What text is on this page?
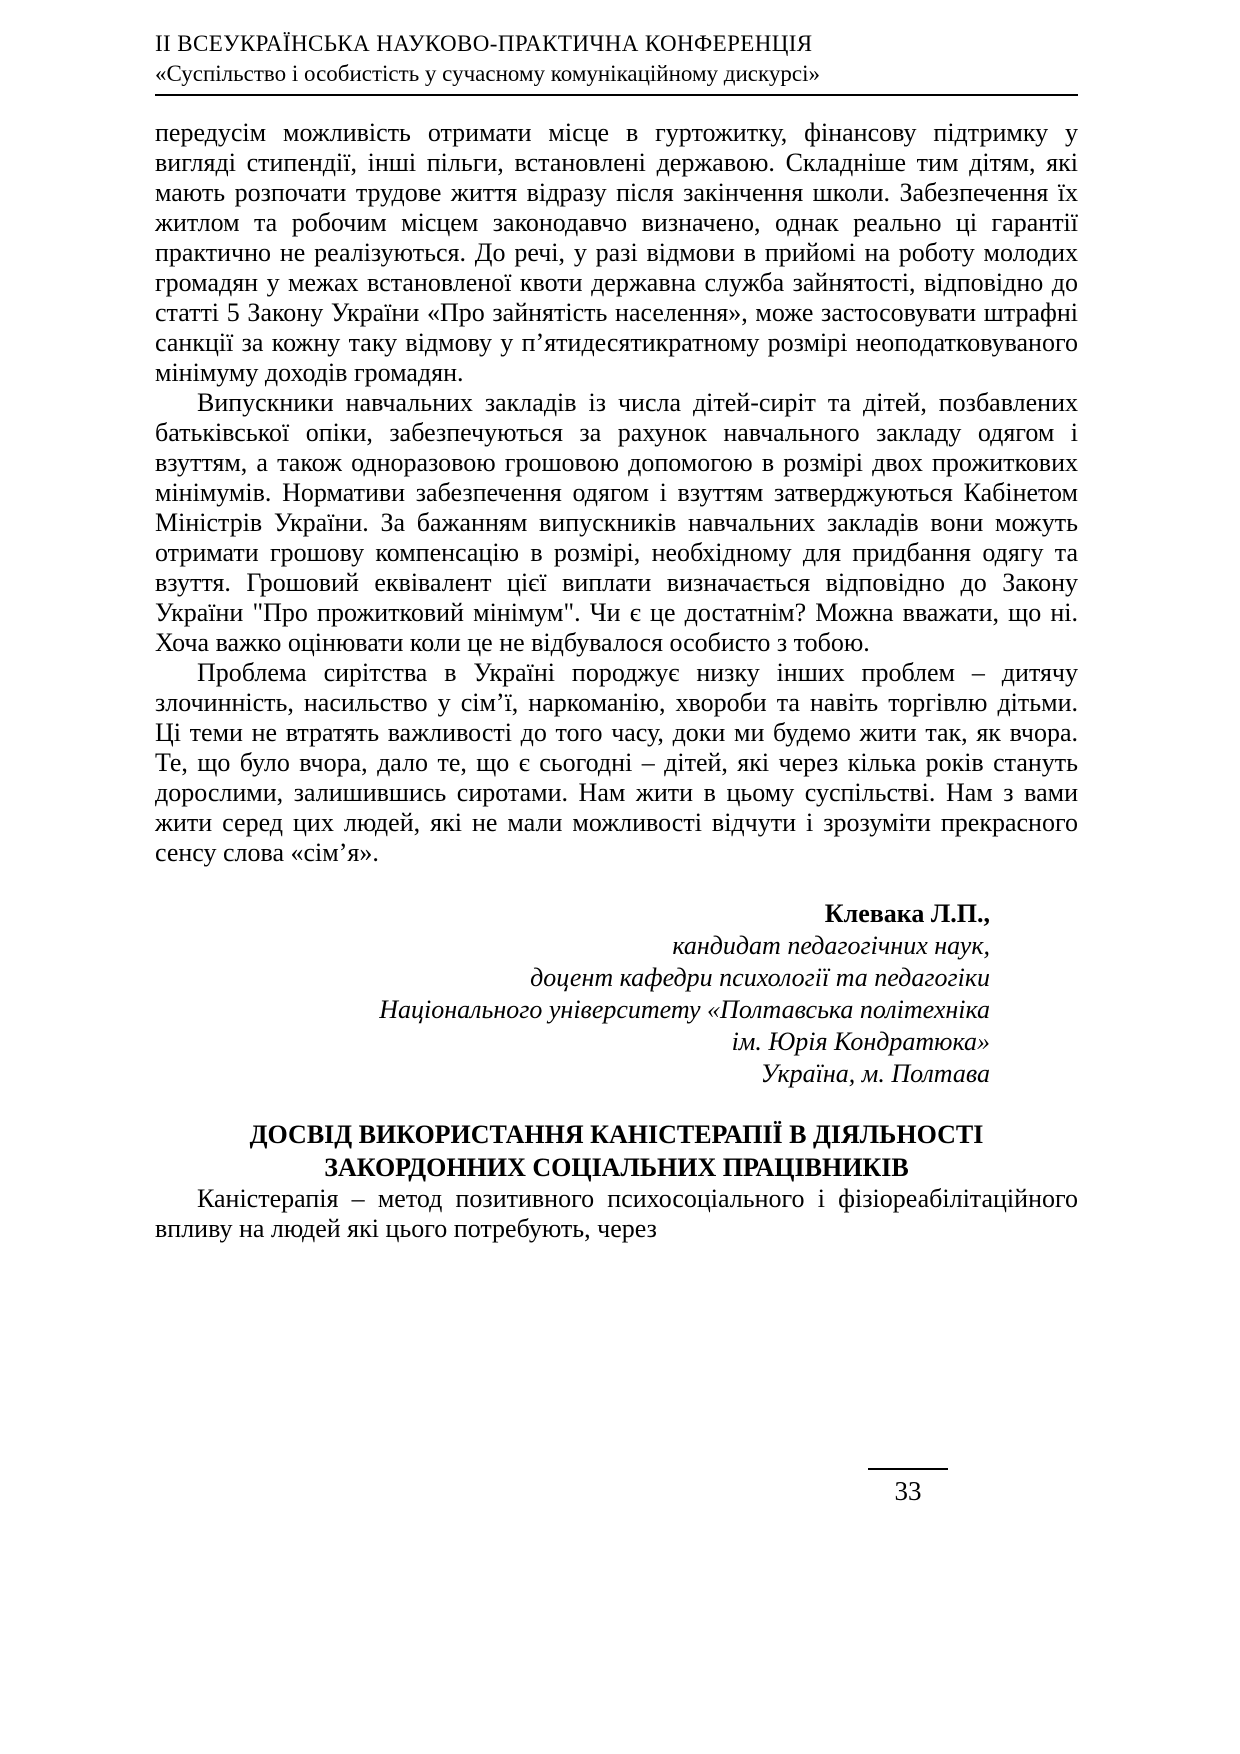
ІІ ВСЕУКРАЇНСЬКА НАУКОВО-ПРАКТИЧНА КОНФЕРЕНЦІЯ
«Суспільство і особистість у сучасному комунікаційному дискурсі»

передусім можливість отримати місце в гуртожитку, фінансову підтримку у вигляді стипендії, інші пільги, встановлені державою. Складніше тим дітям, які мають розпочати трудове життя відразу після закінчення школи. Забезпечення їх житлом та робочим місцем законодавчо визначено, однак реально ці гарантії практично не реалізуються. До речі, у разі відмови в прийомі на роботу молодих громадян у межах встановленої квоти державна служба зайнятості, відповідно до статті 5 Закону України «Про зайнятість населення», може застосовувати штрафні санкції за кожну таку відмову у п’ятидесятикратному розмірі неоподатковуваного мінімуму доходів громадян.

Випускники навчальних закладів із числа дітей-сиріт та дітей, позбавлених батьківської опіки, забезпечуються за рахунок навчального закладу одягом і взуттям, а також одноразовою грошовою допомогою в розмірі двох прожиткових мінімумів. Нормативи забезпечення одягом і взуттям затверджуються Кабінетом Міністрів України. За бажанням випускників навчальних закладів вони можуть отримати грошову компенсацію в розмірі, необхідному для придбання одягу та взуття. Грошовий еквівалент цієї виплати визначається відповідно до Закону України "Про прожитковий мінімум". Чи є це достатнім? Можна вважати, що ні. Хоча важко оцінювати коли це не відбувалося особисто з тобою.

Проблема сирітства в Україні породжує низку інших проблем – дитячу злочинність, насильство у сім’ї, наркоманію, хвороби та навіть торгівлю дітьми. Ці теми не втратять важливості до того часу, доки ми будемо жити так, як вчора. Те, що було вчора, дало те, що є сьогодні – дітей, які через кілька років стануть дорослими, залишившись сиротами. Нам жити в цьому суспільстві. Нам з вами жити серед цих людей, які не мали можливості відчути і зрозуміти прекрасного сенсу слова «сім’я».

Клевака Л.П.,
кандидат педагогічних наук,
доцент кафедри психології та педагогіки
Національного університету «Полтавська політехніка
ім. Юрія Кондратюка»
Україна, м. Полтава
ДОСВІД ВИКОРИСТАННЯ КАНІСТЕРАПІЇ В ДІЯЛЬНОСТІ
ЗАКОРДОННИХ СОЦІАЛЬНИХ ПРАЦІВНИКІВ

Каністерапія – метод позитивного психосоціального і фізіореабілітаційного впливу на людей які цього потребують, через

33
